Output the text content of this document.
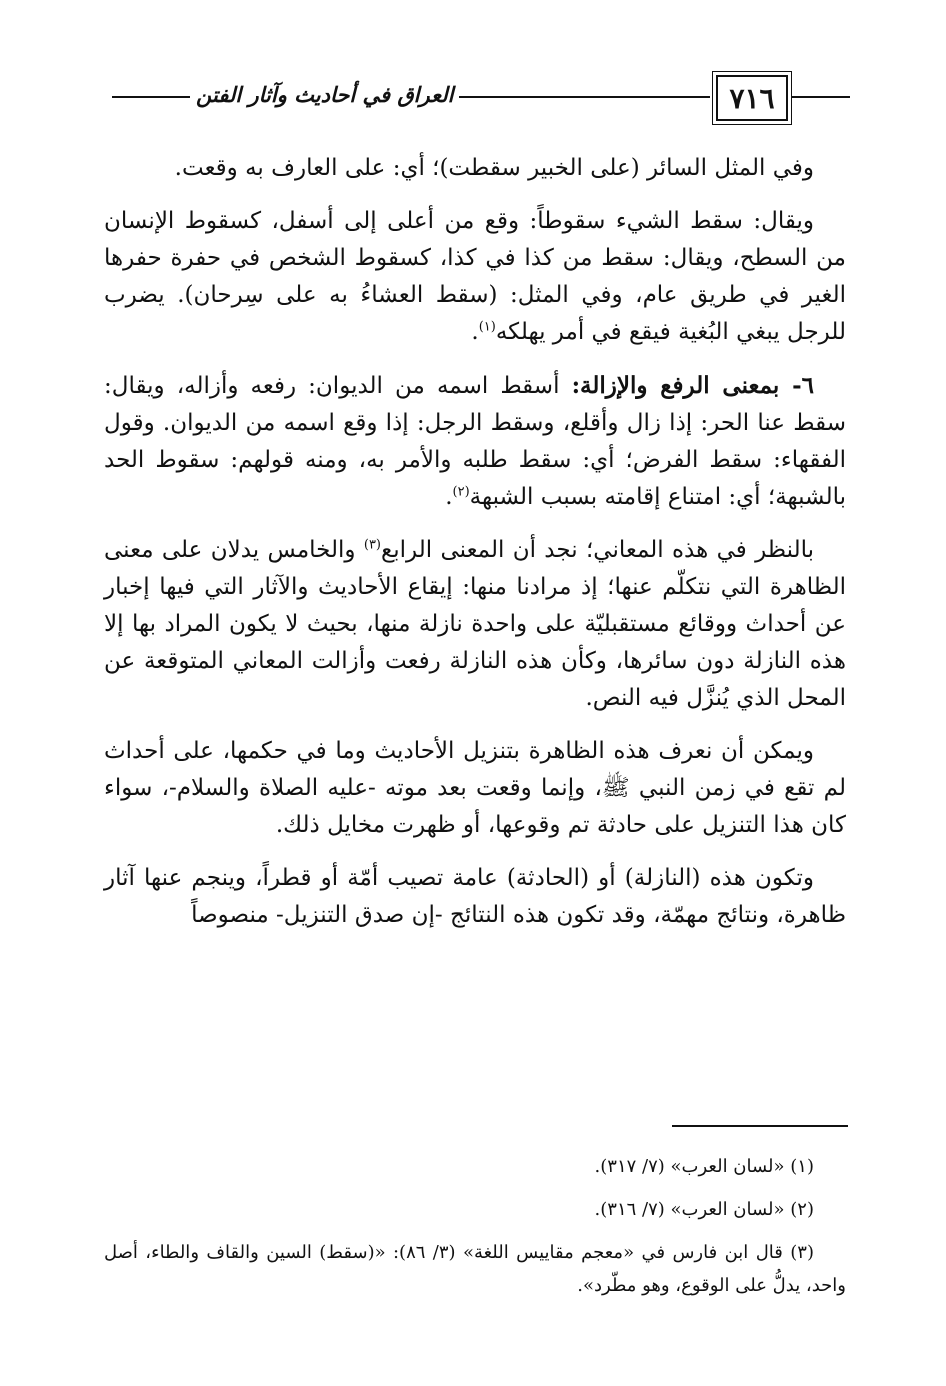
العراق في أحاديث وآثار الفتن	٧١٦

وفي المثل السائر (على الخبير سقطت)؛ أي: على العارف به وقعت.

ويقال: سقط الشيء سقوطاً: وقع من أعلى إلى أسفل، كسقوط الإنسان من السطح، ويقال: سقط من كذا في كذا، كسقوط الشخص في حفرة حفرها الغير في طريق عام، وفي المثل: (سقط العشاءُ به على سِرحان). يضرب للرجل يبغي البُغية فيقع في أمر يهلكه$^{(١)}$.

٦- بمعنى الرفع والإزالة: أسقط اسمه من الديوان: رفعه وأزاله، ويقال: سقط عنا الحر: إذا زال وأقلع، وسقط الرجل: إذا وقع اسمه من الديوان. وقول الفقهاء: سقط الفرض؛ أي: سقط طلبه والأمر به، ومنه قولهم: سقوط الحد بالشبهة؛ أي: امتناع إقامته بسبب الشبهة$^{(٢)}$.

بالنظر في هذه المعاني؛ نجد أن المعنى الرابع$^{(٣)}$ والخامس يدلان على معنى الظاهرة التي نتكلّم عنها؛ إذ مرادنا منها: إيقاع الأحاديث والآثار التي فيها إخبار عن أحداث ووقائع مستقبليّة على واحدة نازلة منها، بحيث لا يكون المراد بها إلا هذه النازلة دون سائرها، وكأن هذه النازلة رفعت وأزالت المعاني المتوقعة عن المحل الذي يُنزَّل فيه النص.

ويمكن أن نعرف هذه الظاهرة بتنزيل الأحاديث وما في حكمها، على أحداث لم تقع في زمن النبي ﷺ، وإنما وقعت بعد موته -عليه الصلاة والسلام-، سواء كان هذا التنزيل على حادثة تم وقوعها، أو ظهرت مخايل ذلك.

وتكون هذه (النازلة) أو (الحادثة) عامة تصيب أمّة أو قطراً، وينجم عنها آثار ظاهرة، ونتائج مهمّة، وقد تكون هذه النتائج -إن صدق التنزيل- منصوصاً

(١) «لسان العرب» (٧/ ٣١٧).

(٢) «لسان العرب» (٧/ ٣١٦).

(٣) قال ابن فارس في «معجم مقاييس اللغة» (٣/ ٨٦): «(سقط) السين والقاف والطاء، أصل واحد، يدلُّ على الوقوع، وهو مطّرد».
